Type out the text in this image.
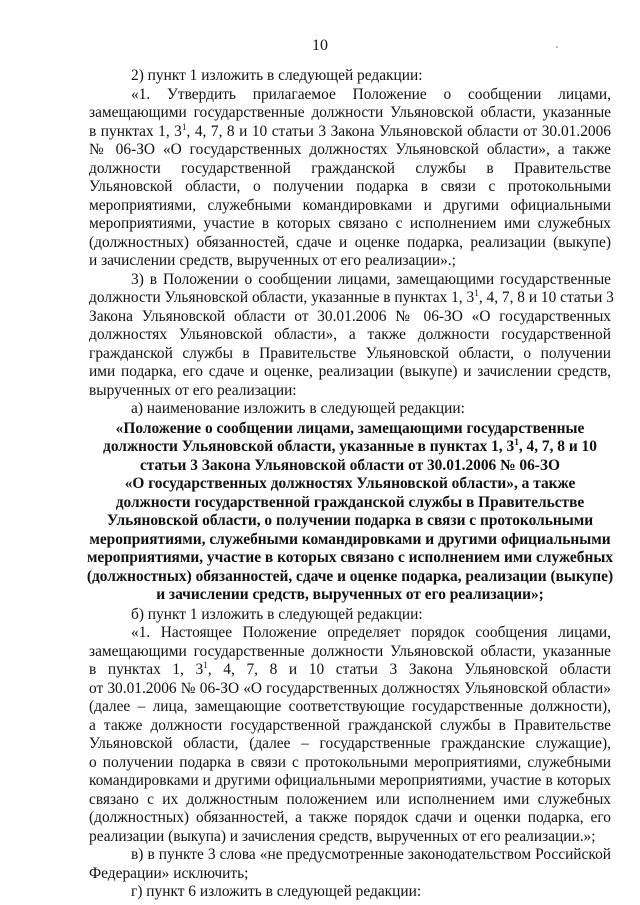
10
2) пункт 1 изложить в следующей редакции:
«1. Утвердить прилагаемое Положение о сообщении лицами,
замещающими государственные должности Ульяновской области, указанные
в пунктах 1, $3^1$, 4, 7, 8 и 10 статьи 3 Закона Ульяновской области от 30.01.2006
№ 06-ЗО «О государственных должностях Ульяновской области», а также
должности государственной гражданской службы в Правительстве
Ульяновской области, о получении подарка в связи с протокольными
мероприятиями, служебными командировками и другими официальными
мероприятиями, участие в которых связано с исполнением ими служебных
(должностных) обязанностей, сдаче и оценке подарка, реализации (выкупе)
и зачислении средств, вырученных от его реализации».;
3) в Положении о сообщении лицами, замещающими государственные
должности Ульяновской области, указанные в пунктах 1, $3^1$, 4, 7, 8 и 10 статьи 3
Закона Ульяновской области от 30.01.2006 № 06-ЗО «О государственных
должностях Ульяновской области», а также должности государственной
гражданской службы в Правительстве Ульяновской области, о получении
ими подарка, его сдаче и оценке, реализации (выкупе) и зачислении средств,
вырученных от его реализации:
а) наименование изложить в следующей редакции:
«Положение о сообщении лицами, замещающими государственные
должности Ульяновской области, указанные в пунктах 1, $3^1$, 4, 7, 8 и 10
статьи 3 Закона Ульяновской области от 30.01.2006 № 06-ЗО
«О государственных должностях Ульяновской области», а также
должности государственной гражданской службы в Правительстве
Ульяновской области, о получении подарка в связи с протокольными
мероприятиями, служебными командировками и другими официальными
мероприятиями, участие в которых связано с исполнением ими служебных
(должностных) обязанностей, сдаче и оценке подарка, реализации (выкупе)
и зачислении средств, вырученных от его реализации»;
б) пункт 1 изложить в следующей редакции:
«1. Настоящее Положение определяет порядок сообщения лицами,
замещающими государственные должности Ульяновской области, указанные
в пунктах 1, $3^1$, 4, 7, 8 и 10 статьи 3 Закона Ульяновской области
от 30.01.2006 № 06-ЗО «О государственных должностях Ульяновской области»
(далее – лица, замещающие соответствующие государственные должности),
а также должности государственной гражданской службы в Правительстве
Ульяновской области, (далее – государственные гражданские служащие),
о получении подарка в связи с протокольными мероприятиями, служебными
командировками и другими официальными мероприятиями, участие в которых
связано с их должностным положением или исполнением ими служебных
(должностных) обязанностей, а также порядок сдачи и оценки подарка, его
реализации (выкупа) и зачисления средств, вырученных от его реализации.»;
в) в пункте 3 слова «не предусмотренные законодательством Российской
Федерации» исключить;
г) пункт 6 изложить в следующей редакции:
